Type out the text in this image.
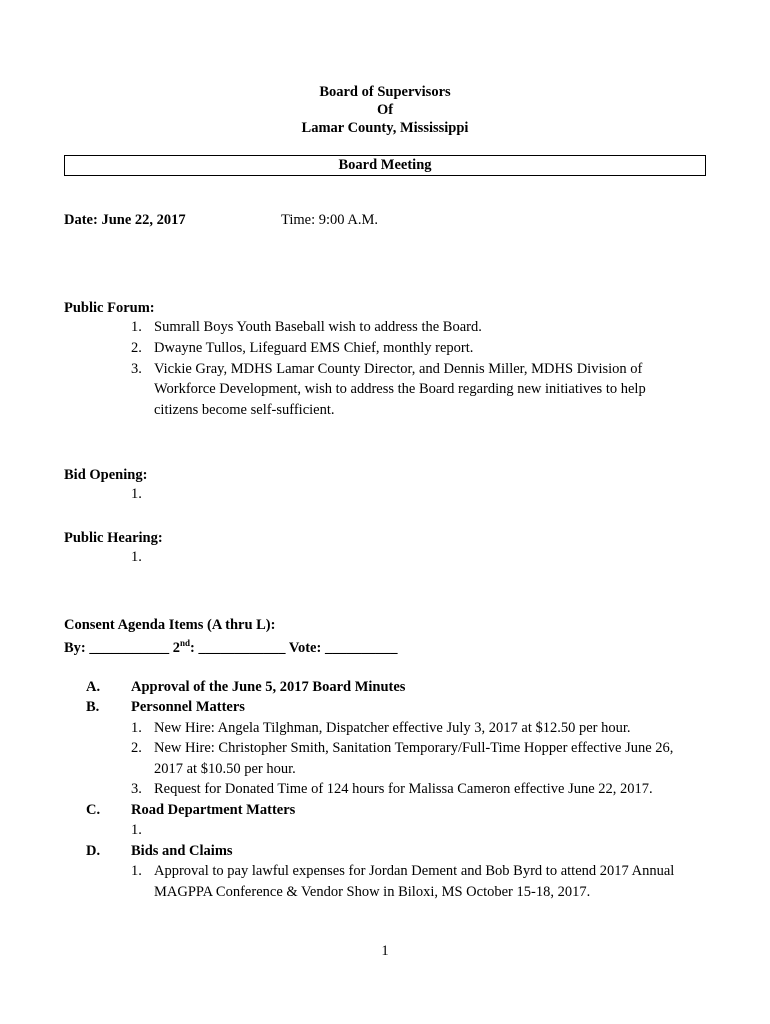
Board of Supervisors
Of
Lamar County, Mississippi
Board Meeting
Date: June 22, 2017	Time: 9:00 A.M.
Public Forum:
1. Sumrall Boys Youth Baseball wish to address the Board.
2. Dwayne Tullos, Lifeguard EMS Chief, monthly report.
3. Vickie Gray, MDHS Lamar County Director, and Dennis Miller, MDHS Division of
Workforce Development, wish to address the Board regarding new initiatives to help
citizens become self-sufficient.
Bid Opening:
1.
Public Hearing:
1.
Consent Agenda Items (A thru L):
By: ___________ 2nd: ____________ Vote: __________
A. Approval of the June 5, 2017 Board Minutes
B. Personnel Matters
1. New Hire: Angela Tilghman, Dispatcher effective July 3, 2017 at $12.50 per hour.
2. New Hire: Christopher Smith, Sanitation Temporary/Full-Time Hopper effective June 26,
2017 at $10.50 per hour.
3. Request for Donated Time of 124 hours for Malissa Cameron effective June 22, 2017.
C. Road Department Matters
1.
D. Bids and Claims
1. Approval to pay lawful expenses for Jordan Dement and Bob Byrd to attend 2017 Annual
MAGPPA Conference & Vendor Show in Biloxi, MS October 15-18, 2017.
1
